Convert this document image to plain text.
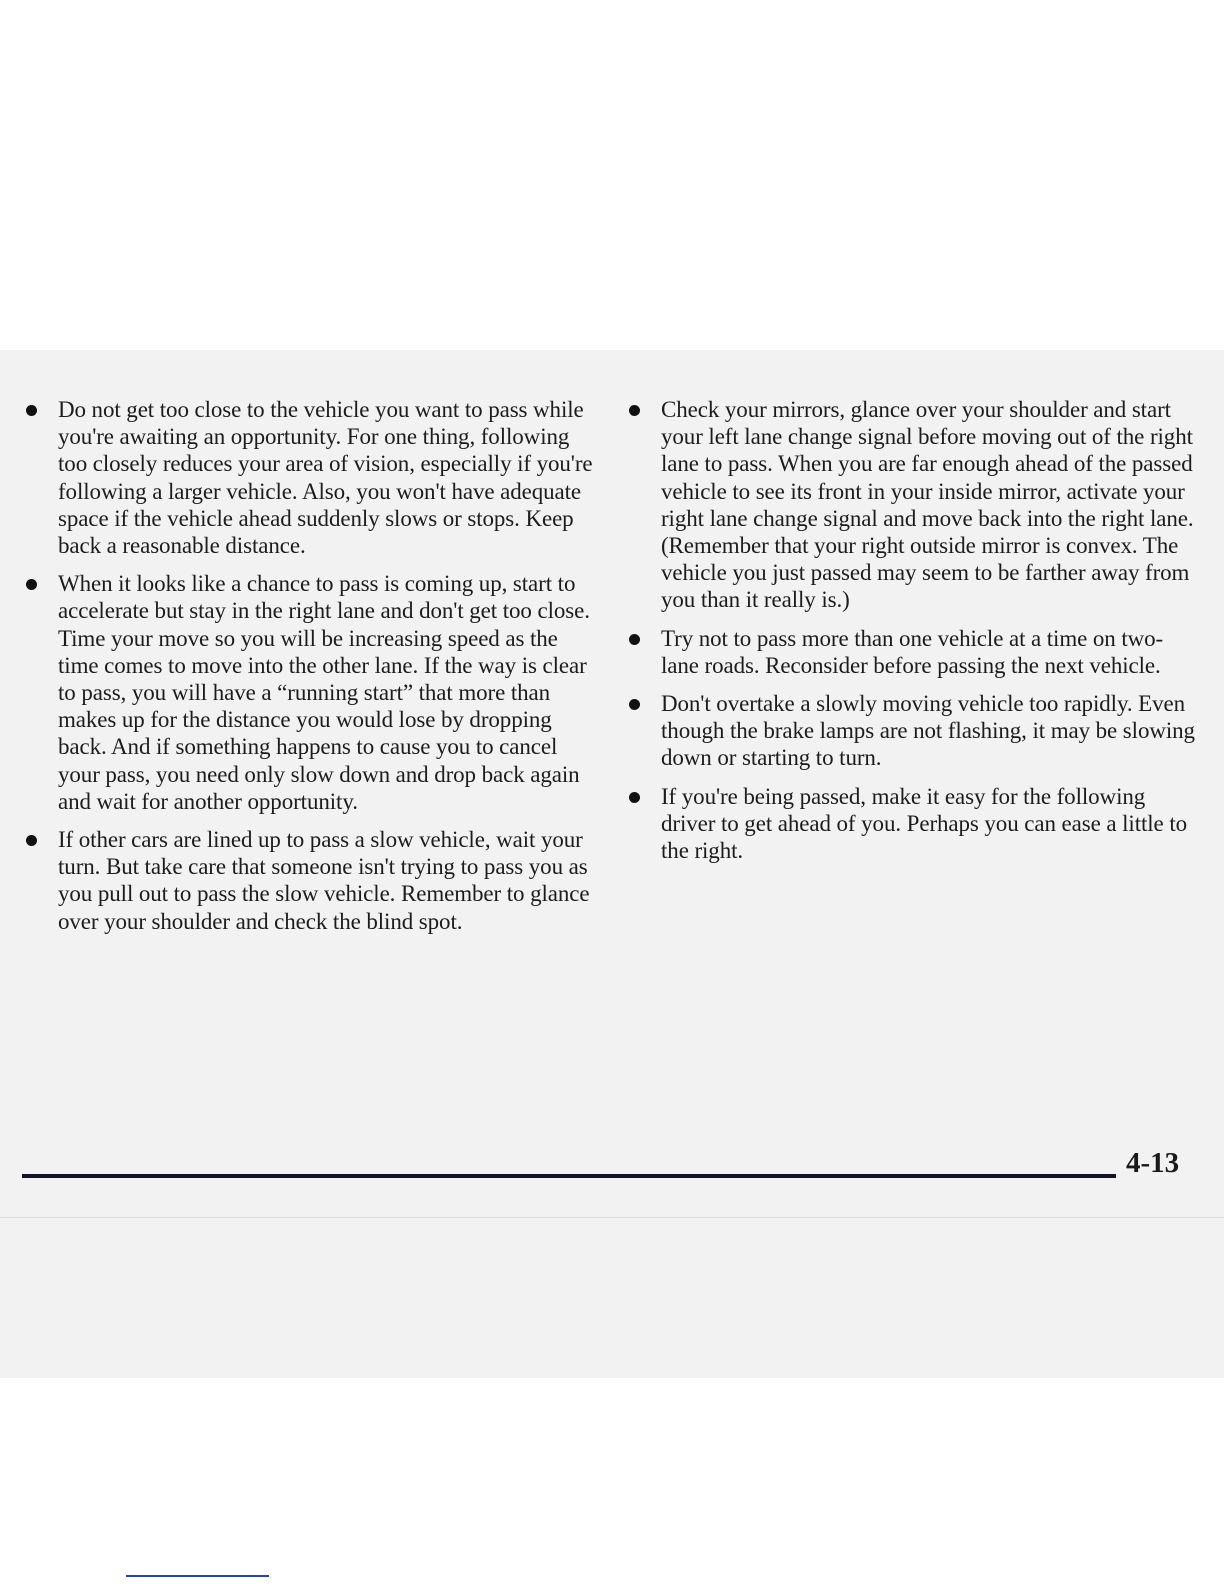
Do not get too close to the vehicle you want to pass while you're awaiting an opportunity. For one thing, following too closely reduces your area of vision, especially if you're following a larger vehicle. Also, you won't have adequate space if the vehicle ahead suddenly slows or stops. Keep back a reasonable distance.
When it looks like a chance to pass is coming up, start to accelerate but stay in the right lane and don't get too close. Time your move so you will be increasing speed as the time comes to move into the other lane. If the way is clear to pass, you will have a “running start” that more than makes up for the distance you would lose by dropping back. And if something happens to cause you to cancel your pass, you need only slow down and drop back again and wait for another opportunity.
If other cars are lined up to pass a slow vehicle, wait your turn. But take care that someone isn't trying to pass you as you pull out to pass the slow vehicle. Remember to glance over your shoulder and check the blind spot.
Check your mirrors, glance over your shoulder and start your left lane change signal before moving out of the right lane to pass. When you are far enough ahead of the passed vehicle to see its front in your inside mirror, activate your right lane change signal and move back into the right lane. (Remember that your right outside mirror is convex. The vehicle you just passed may seem to be farther away from you than it really is.)
Try not to pass more than one vehicle at a time on two-lane roads. Reconsider before passing the next vehicle.
Don't overtake a slowly moving vehicle too rapidly. Even though the brake lamps are not flashing, it may be slowing down or starting to turn.
If you're being passed, make it easy for the following driver to get ahead of you. Perhaps you can ease a little to the right.
4-13
